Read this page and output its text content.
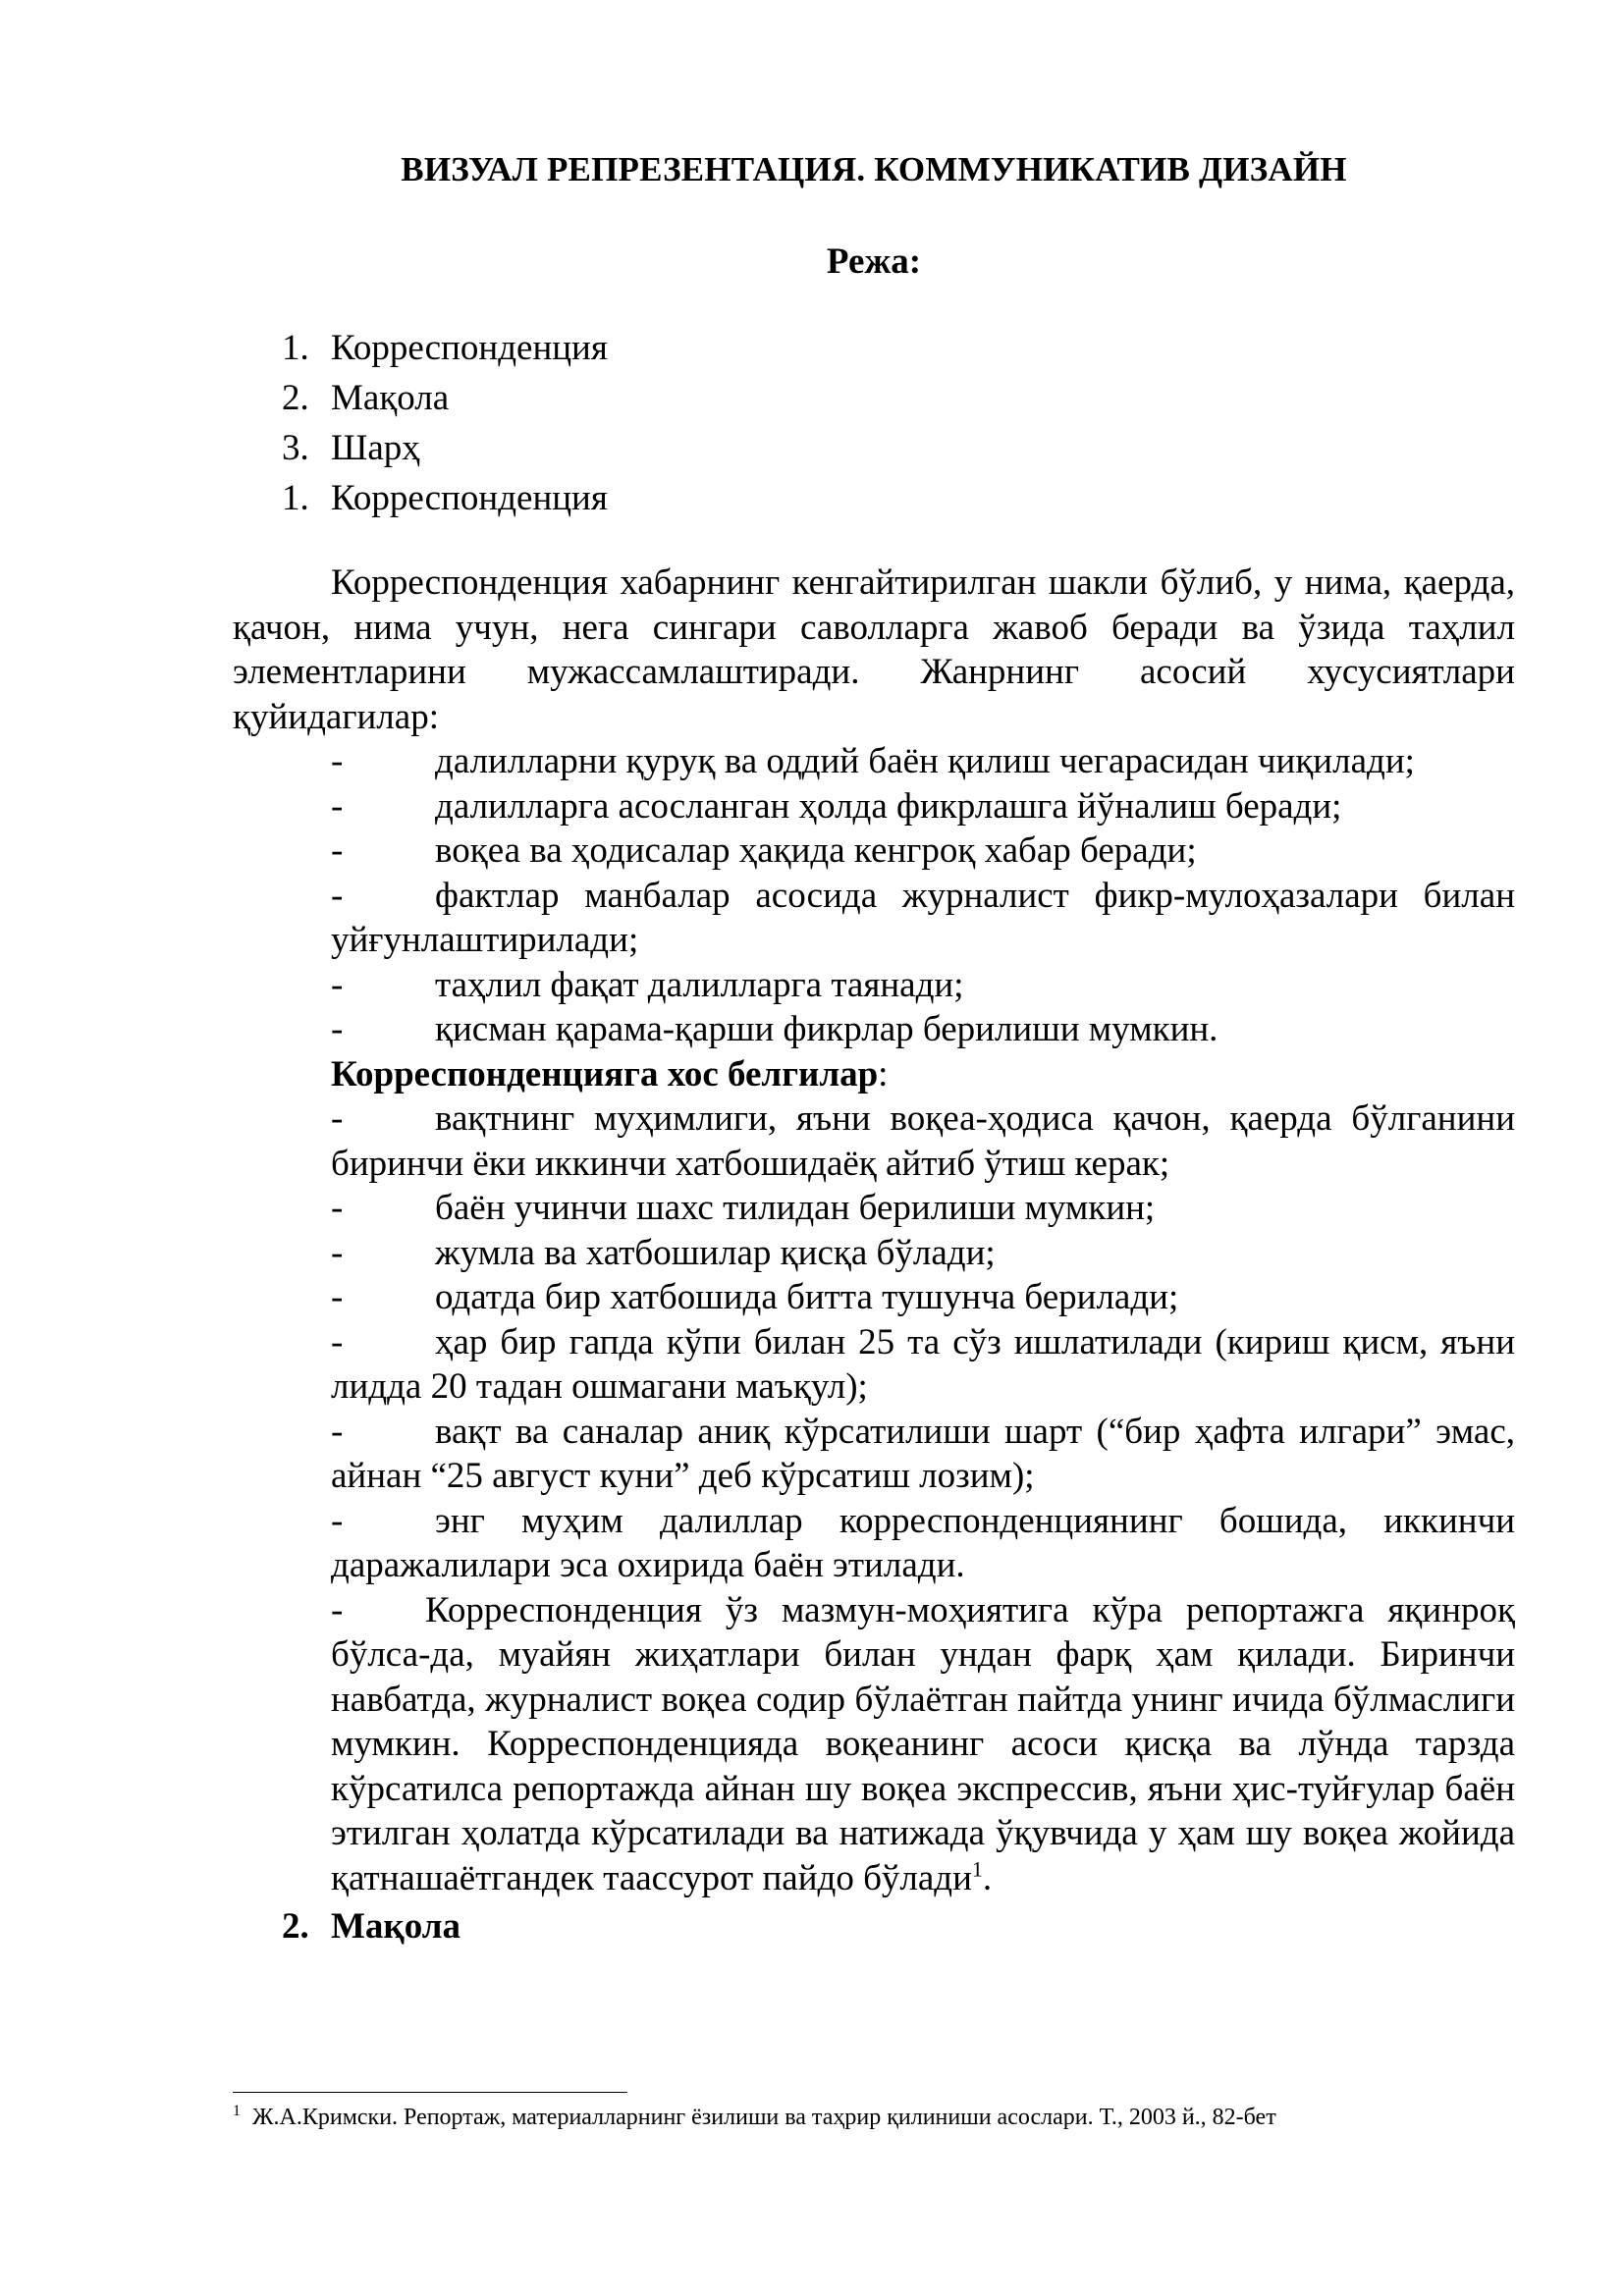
ВИЗУАЛ РЕПРЕЗЕНТАЦИЯ. КОММУНИКАТИВ ДИЗАЙН
Режа:
1. Корреспонденция
2. Мақола
3. Шарҳ
1. Корреспонденция

Корреспонденция хабарнинг кенгайтирилган шакли бўлиб, у нима, қаерда, қачон, нима учун, нега сингари саволларга жавоб беради ва ўзида таҳлил элементларини мужассамлаштиради. Жанрнинг асосий хусусиятлари қуйидагилар:

-	далилларни қуруқ ва оддий баён қилиш чегарасидан чиқилади;

-	далилларга асосланган ҳолда фикрлашга йўналиш беради;

-	воқеа ва ҳодисалар ҳақида кенгроқ хабар беради;

-	фактлар манбалар асосида журналист фикр-мулоҳазалари билан уйғунлаштирилади;

-	таҳлил фақат далилларга таянади;

-	қисман қарама-қарши фикрлар берилиши мумкин.

Корреспонденцияга хос белгилар:

-	вақтнинг муҳимлиги, яъни воқеа-ҳодиса қачон, қаерда бўлганини биринчи ёки иккинчи хатбошидаёқ айтиб ўтиш керак;

-	баён учинчи шахс тилидан берилиши мумкин;

-	жумла ва хатбошилар қисқа бўлади;

-	одатда бир хатбошида битта тушунча берилади;

-	ҳар бир гапда кўпи билан 25 та сўз ишлатилади (кириш қисм, яъни лидда 20 тадан ошмагани маъқул);

-	вақт ва саналар аниқ кўрсатилиши шарт (“бир ҳафта илгари” эмас, айнан “25 август куни” деб кўрсатиш лозим);

-	энг муҳим далиллар корреспонденциянинг бошида, иккинчи даражалилари эса охирида баён этилади.

- Корреспонденция ўз мазмун-моҳиятига кўра репортажга яқинроқ бўлса-да, муайян жиҳатлари билан ундан фарқ ҳам қилади. Биринчи навбатда, журналист воқеа содир бўлаётган пайтда унинг ичида бўлмаслиги мумкин. Корреспонденцияда воқеанинг асоси қисқа ва лўнда тарзда кўрсатилса репортажда айнан шу воқеа экспрессив, яъни ҳис-туйғулар баён этилган ҳолатда кўрсатилади ва натижада ўқувчида у ҳам шу воқеа жойида қатнашаётгандек таассурот пайдо бўлади$^1$.

2. Мақола

$^1$ Ж.А.Кримски. Репортаж, материалларнинг ёзилиши ва таҳрир қилиниши асослари. Т., 2003 й., 82-бет
